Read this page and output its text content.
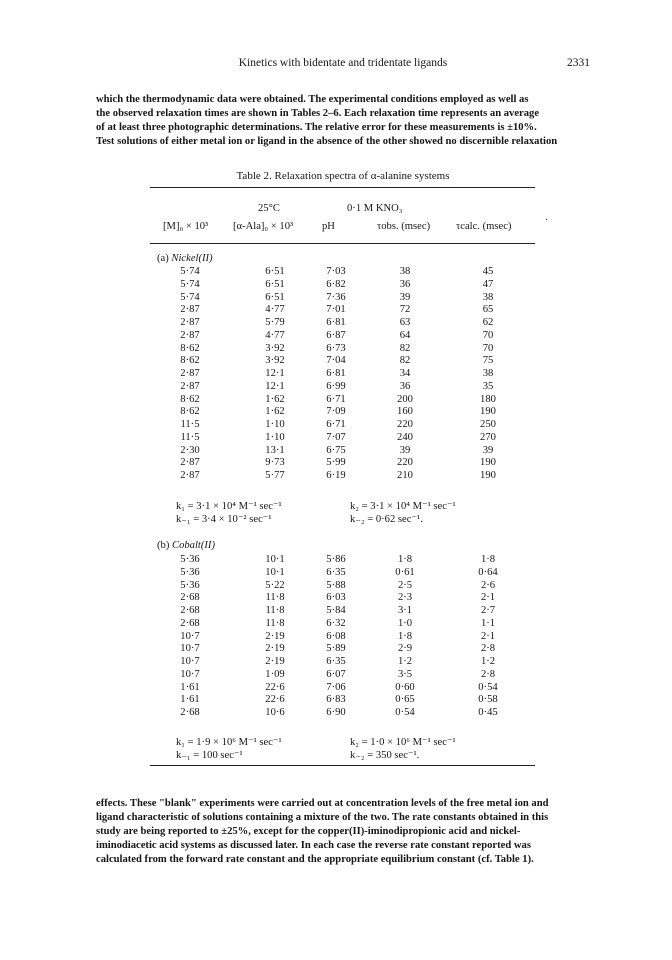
Kinetics with bidentate and tridentate ligands	2331
which the thermodynamic data were obtained. The experimental conditions employed as well as
the observed relaxation times are shown in Tables 2–6. Each relaxation time represents an average
of at least three photographic determinations. The relative error for these measurements is ±10%.
Test solutions of either metal ion or ligand in the absence of the other showed no discernible relaxation
Table 2. Relaxation spectra of α-alanine systems
25°C	0·1 M KNO₃
·
[M]₀ × 10³ [α-Ala]₀ × 10³	pH	τobs. (msec) τcalc. (msec)
(a) Nickel(II)
5·74	6·51	7·03	38	45
5·74	6·51	6·82	36	47
5·74	6·51	7·36	39	38
2·87	4·77	7·01	72	65
2·87	5·79	6·81	63	62
2·87	4·77	6·87	64	70
8·62	3·92	6·73	82	70
8·62	3·92	7·04	82	75
2·87	12·1	6·81	34	38
2·87	12·1	6·99	36	35
8·62	1·62	6·71	200	180
8·62	1·62	7·09	160	190
11·5	1·10	6·71	220	250
11·5	1·10	7·07	240	270
2·30	13·1	6·75	39	39
2·87	9·73	5·99	220	190
2·87	5·77	6·19	210	190
k₁ = 3·1 × 10⁴ M⁻¹ sec⁻¹	k₂ = 3·1 × 10⁴ M⁻¹ sec⁻¹
k₋₁ = 3·4 × 10⁻² sec⁻¹	k₋₂ = 0·62 sec⁻¹.
(b) Cobalt(II)
5·36	10·1	5·86	1·8	1·8
5·36	10·1	6·35	0·61	0·64
5·36	5·22	5·88	2·5	2·6
2·68	11·8	6·03	2·3	2·1
2·68	11·8	5·84	3·1	2·7
2·68	11·8	6·32	1·0	1·1
10·7	2·19	6·08	1·8	2·1
10·7	2·19	5·89	2·9	2·8
10·7	2·19	6·35	1·2	1·2
10·7	1·09	6·07	3·5	2·8
1·61	22·6	7·06	0·60	0·54
1·61	22·6	6·83	0·65	0·58
2·68	10·6	6·90	0·54	0·45
k₁ = 1·9 × 10⁶ M⁻¹ sec⁻¹	k₂ = 1·0 × 10⁶ M⁻¹ sec⁻¹
k₋₁ = 100 sec⁻¹	k₋₂ = 350 sec⁻¹.
effects. These "blank" experiments were carried out at concentration levels of the free metal ion and
ligand characteristic of solutions containing a mixture of the two. The rate constants obtained in this
study are being reported to ±25%, except for the copper(II)-iminodipropionic acid and nickel-
iminodiacetic acid systems as discussed later. In each case the reverse rate constant reported was
calculated from the forward rate constant and the appropriate equilibrium constant (cf. Table 1).
